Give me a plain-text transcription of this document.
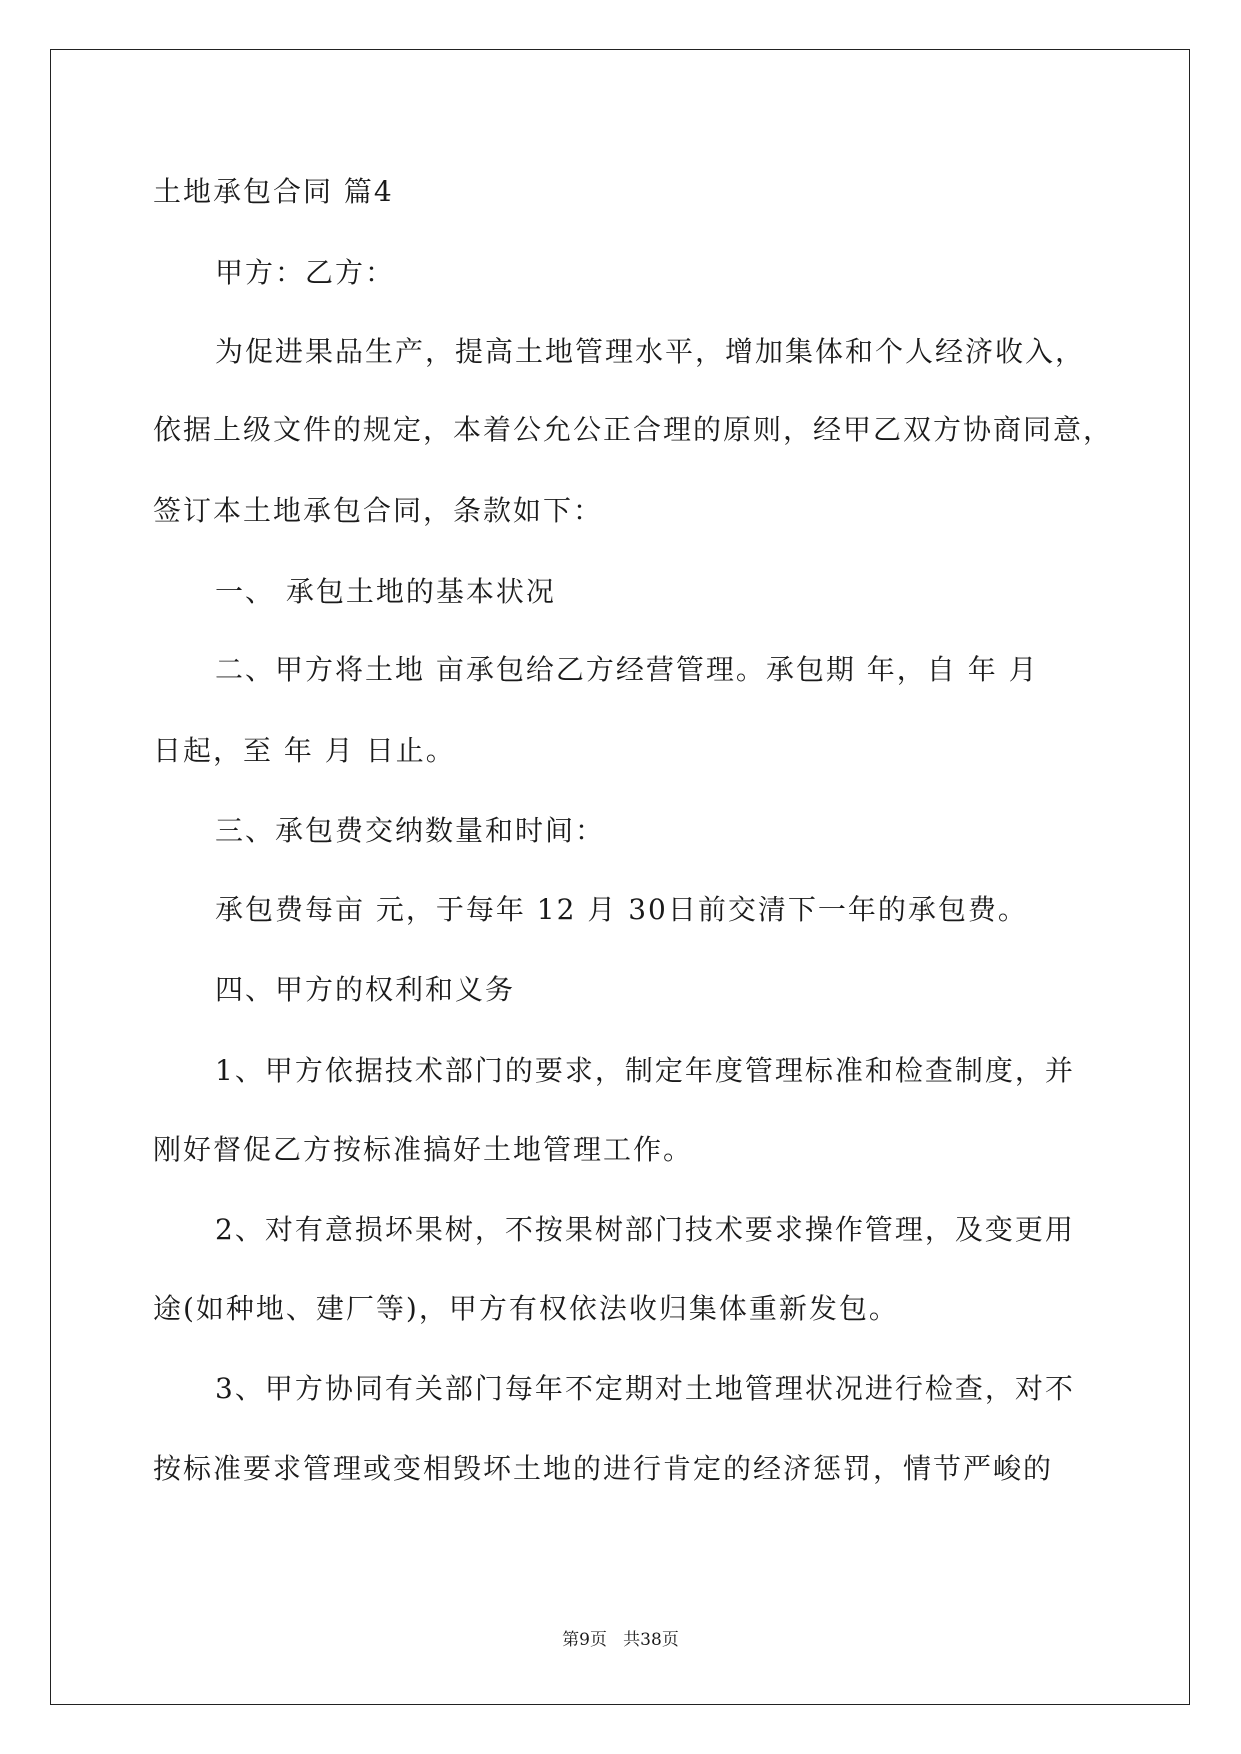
土地承包合同 篇4
甲方：乙方：
为促进果品生产，提高土地管理水平，增加集体和个人经济收入，
依据上级文件的规定，本着公允公正合理的原则，经甲乙双方协商同意，
签订本土地承包合同，条款如下：
一、 承包土地的基本状况
二、甲方将土地 亩承包给乙方经营管理。承包期 年，自 年 月
日起，至 年 月 日止。
三、承包费交纳数量和时间：
承包费每亩 元，于每年 12 月 30日前交清下一年的承包费。
四、甲方的权利和义务
1、甲方依据技术部门的要求，制定年度管理标准和检查制度，并
刚好督促乙方按标准搞好土地管理工作。
2、对有意损坏果树，不按果树部门技术要求操作管理，及变更用
途(如种地、建厂等)，甲方有权依法收归集体重新发包。
3、甲方协同有关部门每年不定期对土地管理状况进行检查，对不
按标准要求管理或变相毁坏土地的进行肯定的经济惩罚，情节严峻的
第9页   共38页
